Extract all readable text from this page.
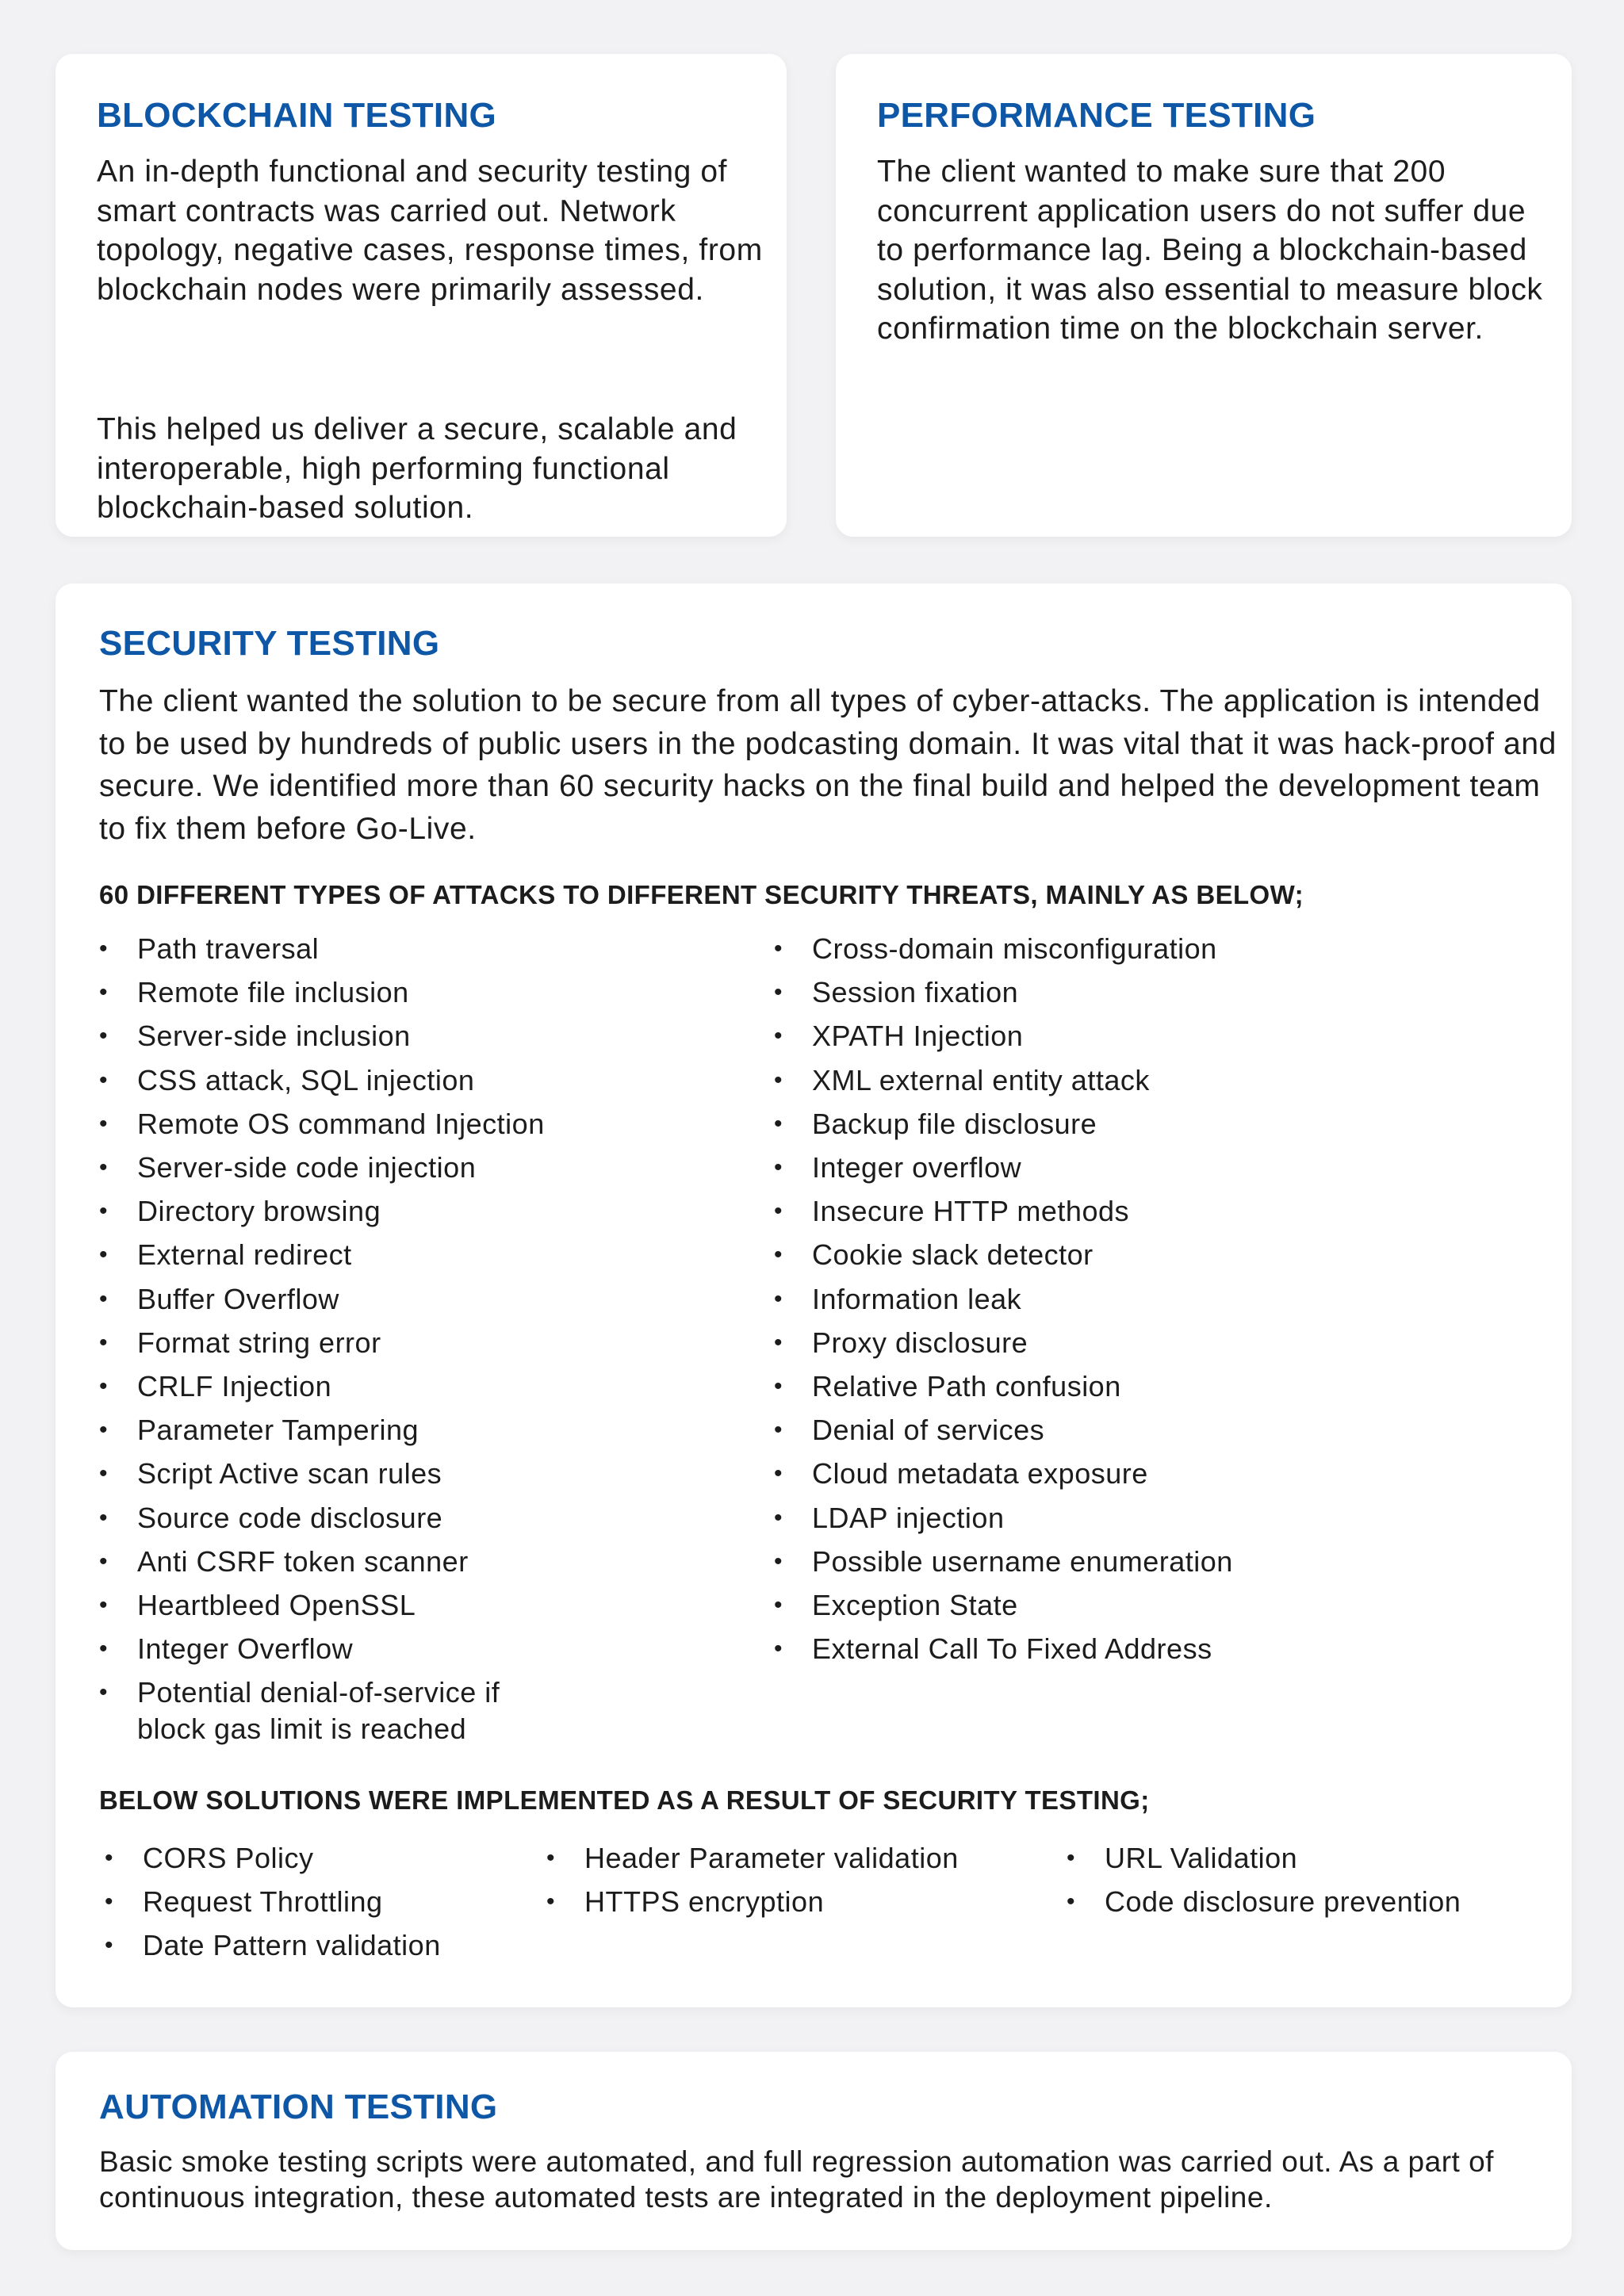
BLOCKCHAIN TESTING

An in-depth functional and security testing of smart contracts was carried out. Network topology, negative cases, response times, from blockchain nodes were primarily assessed.

This helped us deliver a secure, scalable and interoperable, high performing functional blockchain-based solution.

PERFORMANCE TESTING

The client wanted to make sure that 200 concurrent application users do not suffer due to performance lag. Being a blockchain-based solution, it was also essential to measure block confirmation time on the blockchain server.

SECURITY TESTING

The client wanted the solution to be secure from all types of cyber-attacks. The application is intended to be used by hundreds of public users in the podcasting domain. It was vital that it was hack-proof and secure. We identified more than 60 security hacks on the final build and helped the development team to fix them before Go-Live.

60 DIFFERENT TYPES OF ATTACKS TO DIFFERENT SECURITY THREATS, MAINLY AS BELOW;
• Path traversal
• Remote file inclusion
• Server-side inclusion
• CSS attack, SQL injection
• Remote OS command Injection
• Server-side code injection
• Directory browsing
• External redirect
• Buffer Overflow
• Format string error
• CRLF Injection
• Parameter Tampering
• Script Active scan rules
• Source code disclosure
• Anti CSRF token scanner
• Heartbleed OpenSSL
• Integer Overflow
• Potential denial-of-service if block gas limit is reached
• Cross-domain misconfiguration
• Session fixation
• XPATH Injection
• XML external entity attack
• Backup file disclosure
• Integer overflow
• Insecure HTTP methods
• Cookie slack detector
• Information leak
• Proxy disclosure
• Relative Path confusion
• Denial of services
• Cloud metadata exposure
• LDAP injection
• Possible username enumeration
• Exception State
• External Call To Fixed Address
BELOW SOLUTIONS WERE IMPLEMENTED AS A RESULT OF SECURITY TESTING;
• CORS Policy
• Request Throttling
• Date Pattern validation
• Header Parameter validation
• HTTPS encryption
• URL Validation
• Code disclosure prevention
AUTOMATION TESTING

Basic smoke testing scripts were automated, and full regression automation was carried out. As a part of continuous integration, these automated tests are integrated in the deployment pipeline.
